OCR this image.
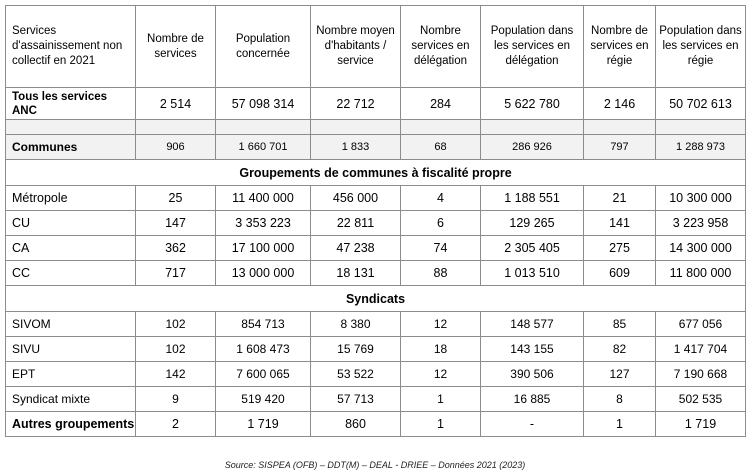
Services d'assainissement non collectif en 2021	Nombre de services	Population concernée	Nombre moyen d'habitants / service	Nombre services en délégation	Population dans les services en délégation	Nombre de services en régie	Population dans les services en régie
Tous les services ANC	2 514	57 098 314	22 712	284	5 622 780	2 146	50 702 613

Communes	906	1 660 701	1 833	68	286 926	797	1 288 973
Groupements de communes à fiscalité propre							
Métropole	25	11 400 000	456 000	4	1 188 551	21	10 300 000
CU	147	3 353 223	22 811	6	129 265	141	3 223 958
CA	362	17 100 000	47 238	74	2 305 405	275	14 300 000
CC	717	13 000 000	18 131	88	1 013 510	609	11 800 000
Syndicats							
SIVOM	102	854 713	8 380	12	148 577	85	677 056
SIVU	102	1 608 473	15 769	18	143 155	82	1 417 704
EPT	142	7 600 065	53 522	12	390 506	127	7 190 668
Syndicat mixte	9	519 420	57 713	1	16 885	8	502 535
Autres groupements	2	1 719	860	1	-	1	1 719
Source: SISPEA (OFB) – DDT(M) – DEAL - DRIEE – Données 2021 (2023)
